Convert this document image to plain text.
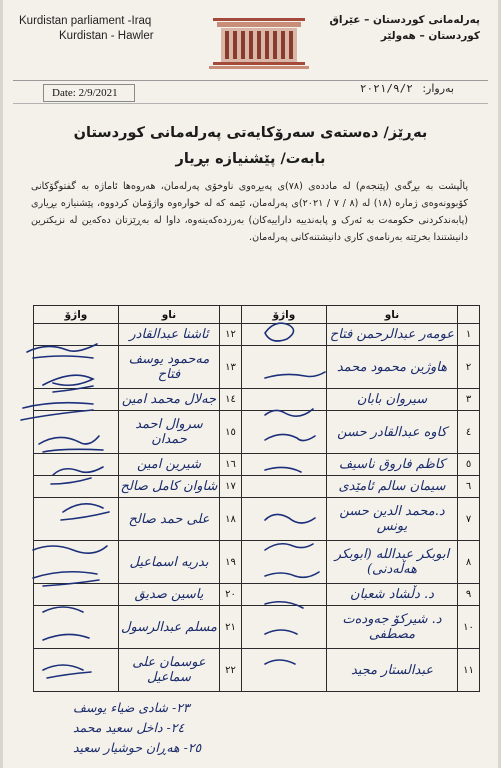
Kurdistan parliament -Iraq
Kurdistan - Hawler
پەرلەمانی کوردستان – عێراق
کوردستان – هەولێر
Date: 2/9/2021	بەروار: ٢٠٢١/٩/٢
بەڕێز/ دەستەی سەرۆکایەتی پەرلەمانی کوردستان
بابەت/ پێشنیازە بڕیار
پاڵپشت بە بڕگەی (پێنجەم) لە ماددەی (٧٨)ی پەیڕەوی ناوخۆی پەرلەمان، هەروەها ئاماژە بە گفتوگۆکانی کۆبوونەوەی ژمارە (١٨) لە (٨ / ٧ / ٢٠٢١)ی پەرلەمان، ئێمە کە لە خوارەوە واژۆمان کردووە، پێشنیازە بڕیاری (پابەندکردنی حکومەت بە ئەرک و پابەندییە داراییەکان) بەرزدەکەینەوە، داوا لە بەڕێزتان دەکەین لە نزیکترین دانیشتندا بخرێتە بەرنامەی کاری دانیشتنەکانی پەرلەمان.
واژۆ	ناو		واژۆ	ناو	
	ئاشنا عبدالقادر	١٢		عومەر عبدالرحمن فتاح	١
	مەحمود یوسف فتاح	١٣		هاوژین محمود محمد	٢
	جەلال محمد امین	١٤		سیروان بابان	٣
	سروال احمد حمدان	١٥		کاوە عبدالقادر حسن	٤
	شیرین امین	١٦		کاظم فاروق ناسیف	٥
	شاوان کامل صالح	١٧		سیمان سالم ئامێدی	٦
	علی حمد صالح	١٨		د.محمد الدین حسن یونس	٧
	بدریە اسماعیل	١٩		ابوبکر عبدالله (ابوبکر هەڵەدنی)	٨
	یاسین صدیق	٢٠		د. دڵشاد شعبان	٩
	مسلم عبدالرسول	٢١		د. شیرکۆ جەودەت مصطفى	١٠
	عوسمان علی سماعیل	٢٢		عبدالستار مجید	١١
٢٣- شادی ضیاء یوسف
٢٤- داخل سعید محمد
٢٥- هەڕان حوشیار سعید
